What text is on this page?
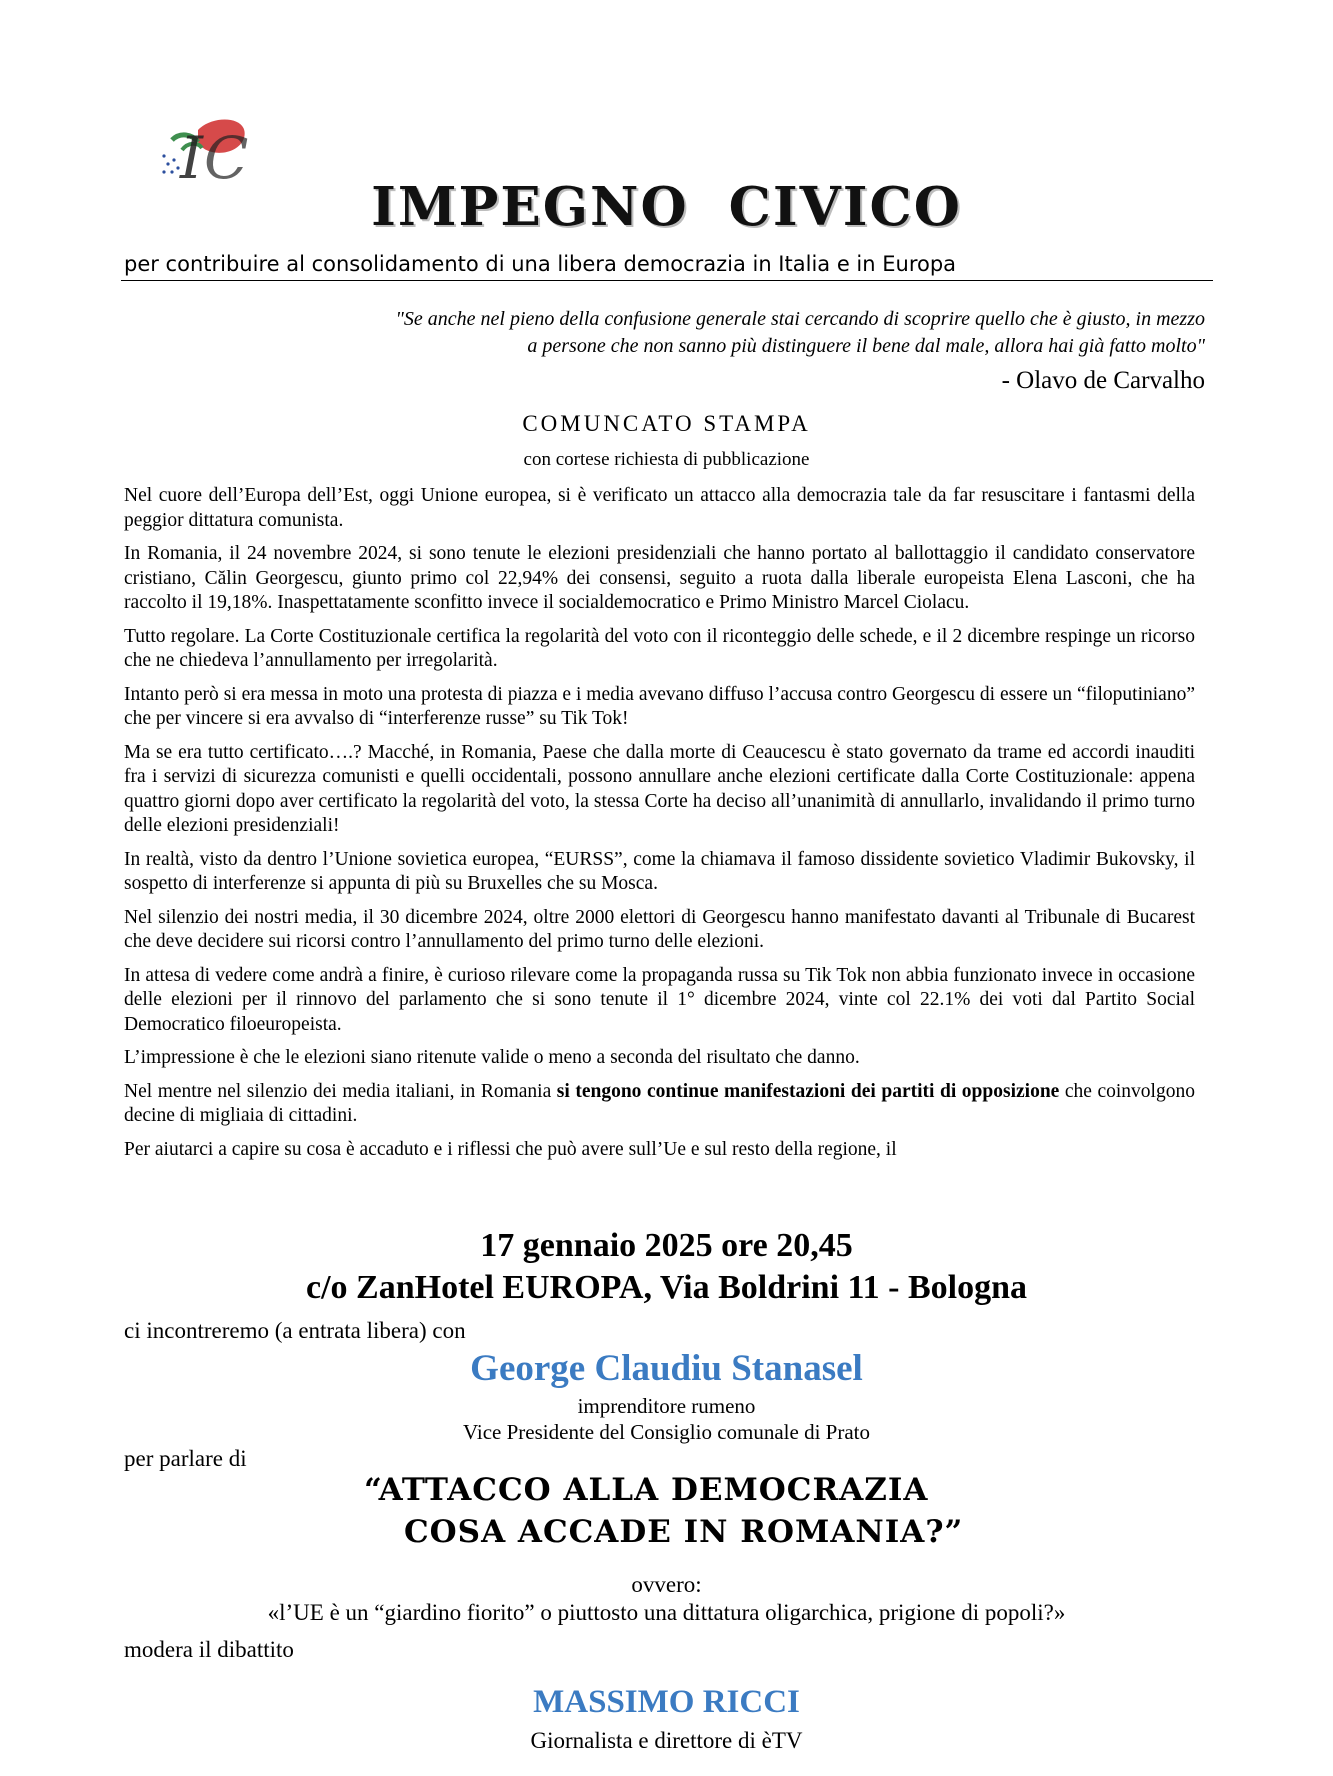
I C
IMPEGNO CIVICO
per contribuire al consolidamento di una libera democrazia in Italia e in Europa
"Se anche nel pieno della confusione generale stai cercando di scoprire quello che è giusto, in mezzo
a persone che non sanno più distinguere il bene dal male, allora hai già fatto molto"
- Olavo de Carvalho
COMUNCATO STAMPA
con cortese richiesta di pubblicazione

Nel cuore dell’Europa dell’Est, oggi Unione europea, si è verificato un attacco alla democrazia tale da far resuscitare i fantasmi della peggior dittatura comunista.

In Romania, il 24 novembre 2024, si sono tenute le elezioni presidenziali che hanno portato al ballottaggio il candidato conservatore cristiano, Călin Georgescu, giunto primo col 22,94% dei consensi, seguito a ruota dalla liberale europeista Elena Lasconi, che ha raccolto il 19,18%. Inaspettatamente sconfitto invece il socialdemocratico e Primo Ministro Marcel Ciolacu.

Tutto regolare. La Corte Costituzionale certifica la regolarità del voto con il riconteggio delle schede, e il 2 dicembre respinge un ricorso che ne chiedeva l’annullamento per irregolarità.

Intanto però si era messa in moto una protesta di piazza e i media avevano diffuso l’accusa contro Georgescu di essere un “filoputiniano” che per vincere si era avvalso di “interferenze russe” su Tik Tok!

Ma se era tutto certificato….? Macché, in Romania, Paese che dalla morte di Ceaucescu è stato governato da trame ed accordi inauditi fra i servizi di sicurezza comunisti e quelli occidentali, possono annullare anche elezioni certificate dalla Corte Costituzionale: appena quattro giorni dopo aver certificato la regolarità del voto, la stessa Corte ha deciso all’unanimità di annullarlo, invalidando il primo turno delle elezioni presidenziali!

In realtà, visto da dentro l’Unione sovietica europea, “EURSS”, come la chiamava il famoso dissidente sovietico Vladimir Bukovsky, il sospetto di interferenze si appunta di più su Bruxelles che su Mosca.

Nel silenzio dei nostri media, il 30 dicembre 2024, oltre 2000 elettori di Georgescu hanno manifestato davanti al Tribunale di Bucarest che deve decidere sui ricorsi contro l’annullamento del primo turno delle elezioni.

In attesa di vedere come andrà a finire, è curioso rilevare come la propaganda russa su Tik Tok non abbia funzionato invece in occasione delle elezioni per il rinnovo del parlamento che si sono tenute il 1° dicembre 2024, vinte col 22.1% dei voti dal Partito Social Democratico filoeuropeista.

L’impressione è che le elezioni siano ritenute valide o meno a seconda del risultato che danno.

Nel mentre nel silenzio dei media italiani, in Romania si tengono continue manifestazioni dei partiti di opposizione che coinvolgono decine di migliaia di cittadini.

Per aiutarci a capire su cosa è accaduto e i riflessi che può avere sull’Ue e sul resto della regione, il

17 gennaio 2025 ore 20,45
c/o ZanHotel EUROPA, Via Boldrini 11 - Bologna
ci incontreremo (a entrata libera) con
George Claudiu Stanasel
imprenditore rumeno
Vice Presidente del Consiglio comunale di Prato
per parlare di
“ATTACCO ALLA DEMOCRAZIA
COSA ACCADE IN ROMANIA?”
ovvero:
«l’UE è un “giardino fiorito” o piuttosto una dittatura oligarchica, prigione di popoli?»
modera il dibattito
MASSIMO RICCI
Giornalista e direttore di èTV
